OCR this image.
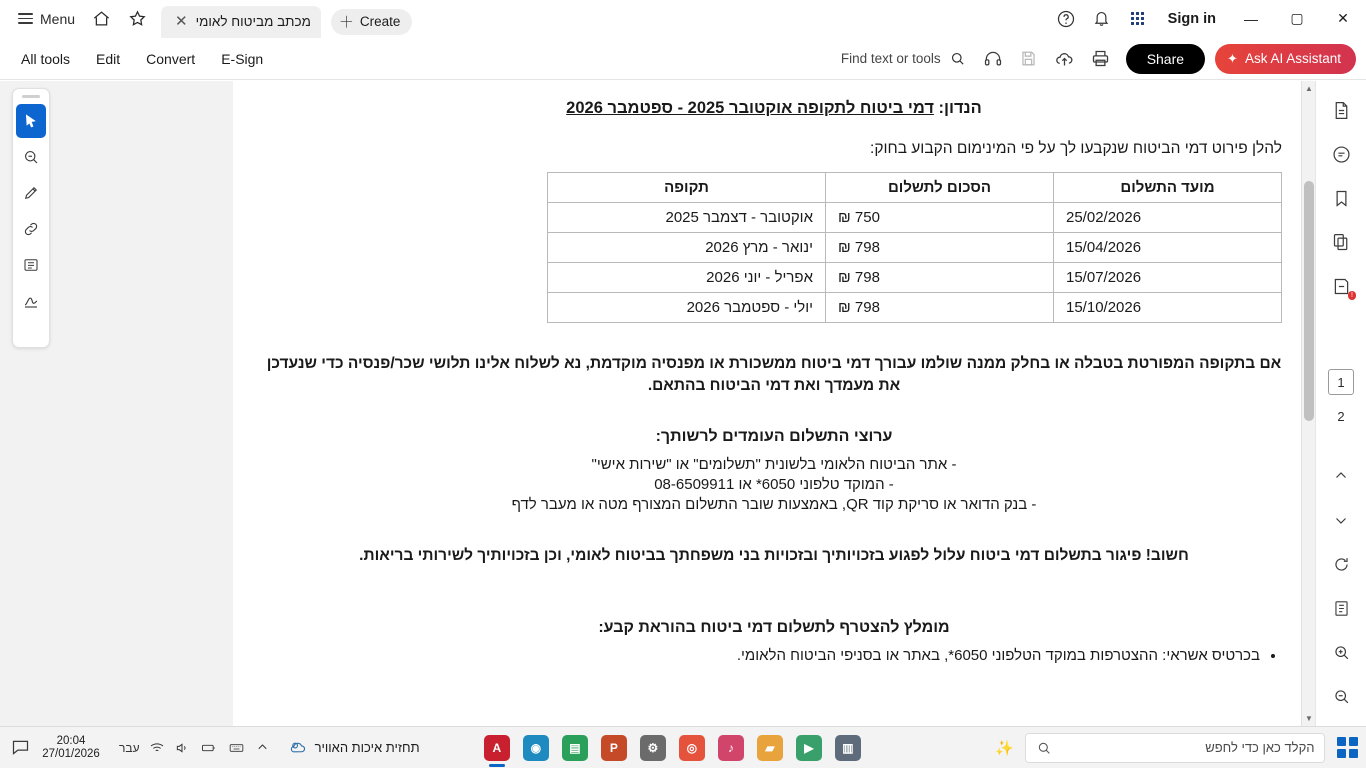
Menu	✕ מכתב מביטוח לאומי ＋ Create	Sign in	—	▢	✕
All tools	Edit	Convert	E-Sign	Find text or tools	Share	✦ Ask AI Assistant
הנדון: דמי ביטוח לתקופה אוקטובר 2025 - ספטמבר 2026
להלן פירוט דמי הביטוח שנקבעו לך על פי המינימום הקבוע בחוק:
מועד התשלום	הסכום לתשלום	תקופה
25/02/2026	750 ₪	אוקטובר - דצמבר 2025
15/04/2026	798 ₪	ינואר - מרץ 2026
15/07/2026	798 ₪	אפריל - יוני 2026
15/10/2026	798 ₪	יולי - ספטמבר 2026
אם בתקופה המפורטת בטבלה או בחלק ממנה שולמו עבורך דמי ביטוח ממשכורת או מפנסיה מוקדמת, נא לשלוח אלינו תלושי שכר/פנסיה כדי שנעדכן את מעמדך ואת דמי הביטוח בהתאם.
ערוצי התשלום העומדים לרשותך:
- אתר הביטוח הלאומי בלשונית "תשלומים" או "שירות אישי"
- המוקד טלפוני 6050* או 08-6509911
- בנק הדואר או סריקת קוד QR, באמצעות שובר התשלום המצורף מטה או מעבר לדף
חשוב! פיגור בתשלום דמי ביטוח עלול לפגוע בזכויותיך ובזכויות בני משפחתך בביטוח לאומי, וכן בזכויותיך לשירותי בריאות.
מומלץ להצטרף לתשלום דמי ביטוח בהוראת קבע:
• בכרטיס אשראי: ההצטרפות במוקד הטלפוני 6050*, באתר או בסניפי הביטוח הלאומי.
▲
▼
!
1
2
20:04
27/01/2026 עבר	תחזית איכות האוויר	A ◉ ▤ P ⚙ ◎	♪	▰ ▶ ▥	✨	הקלד כאן כדי לחפש
